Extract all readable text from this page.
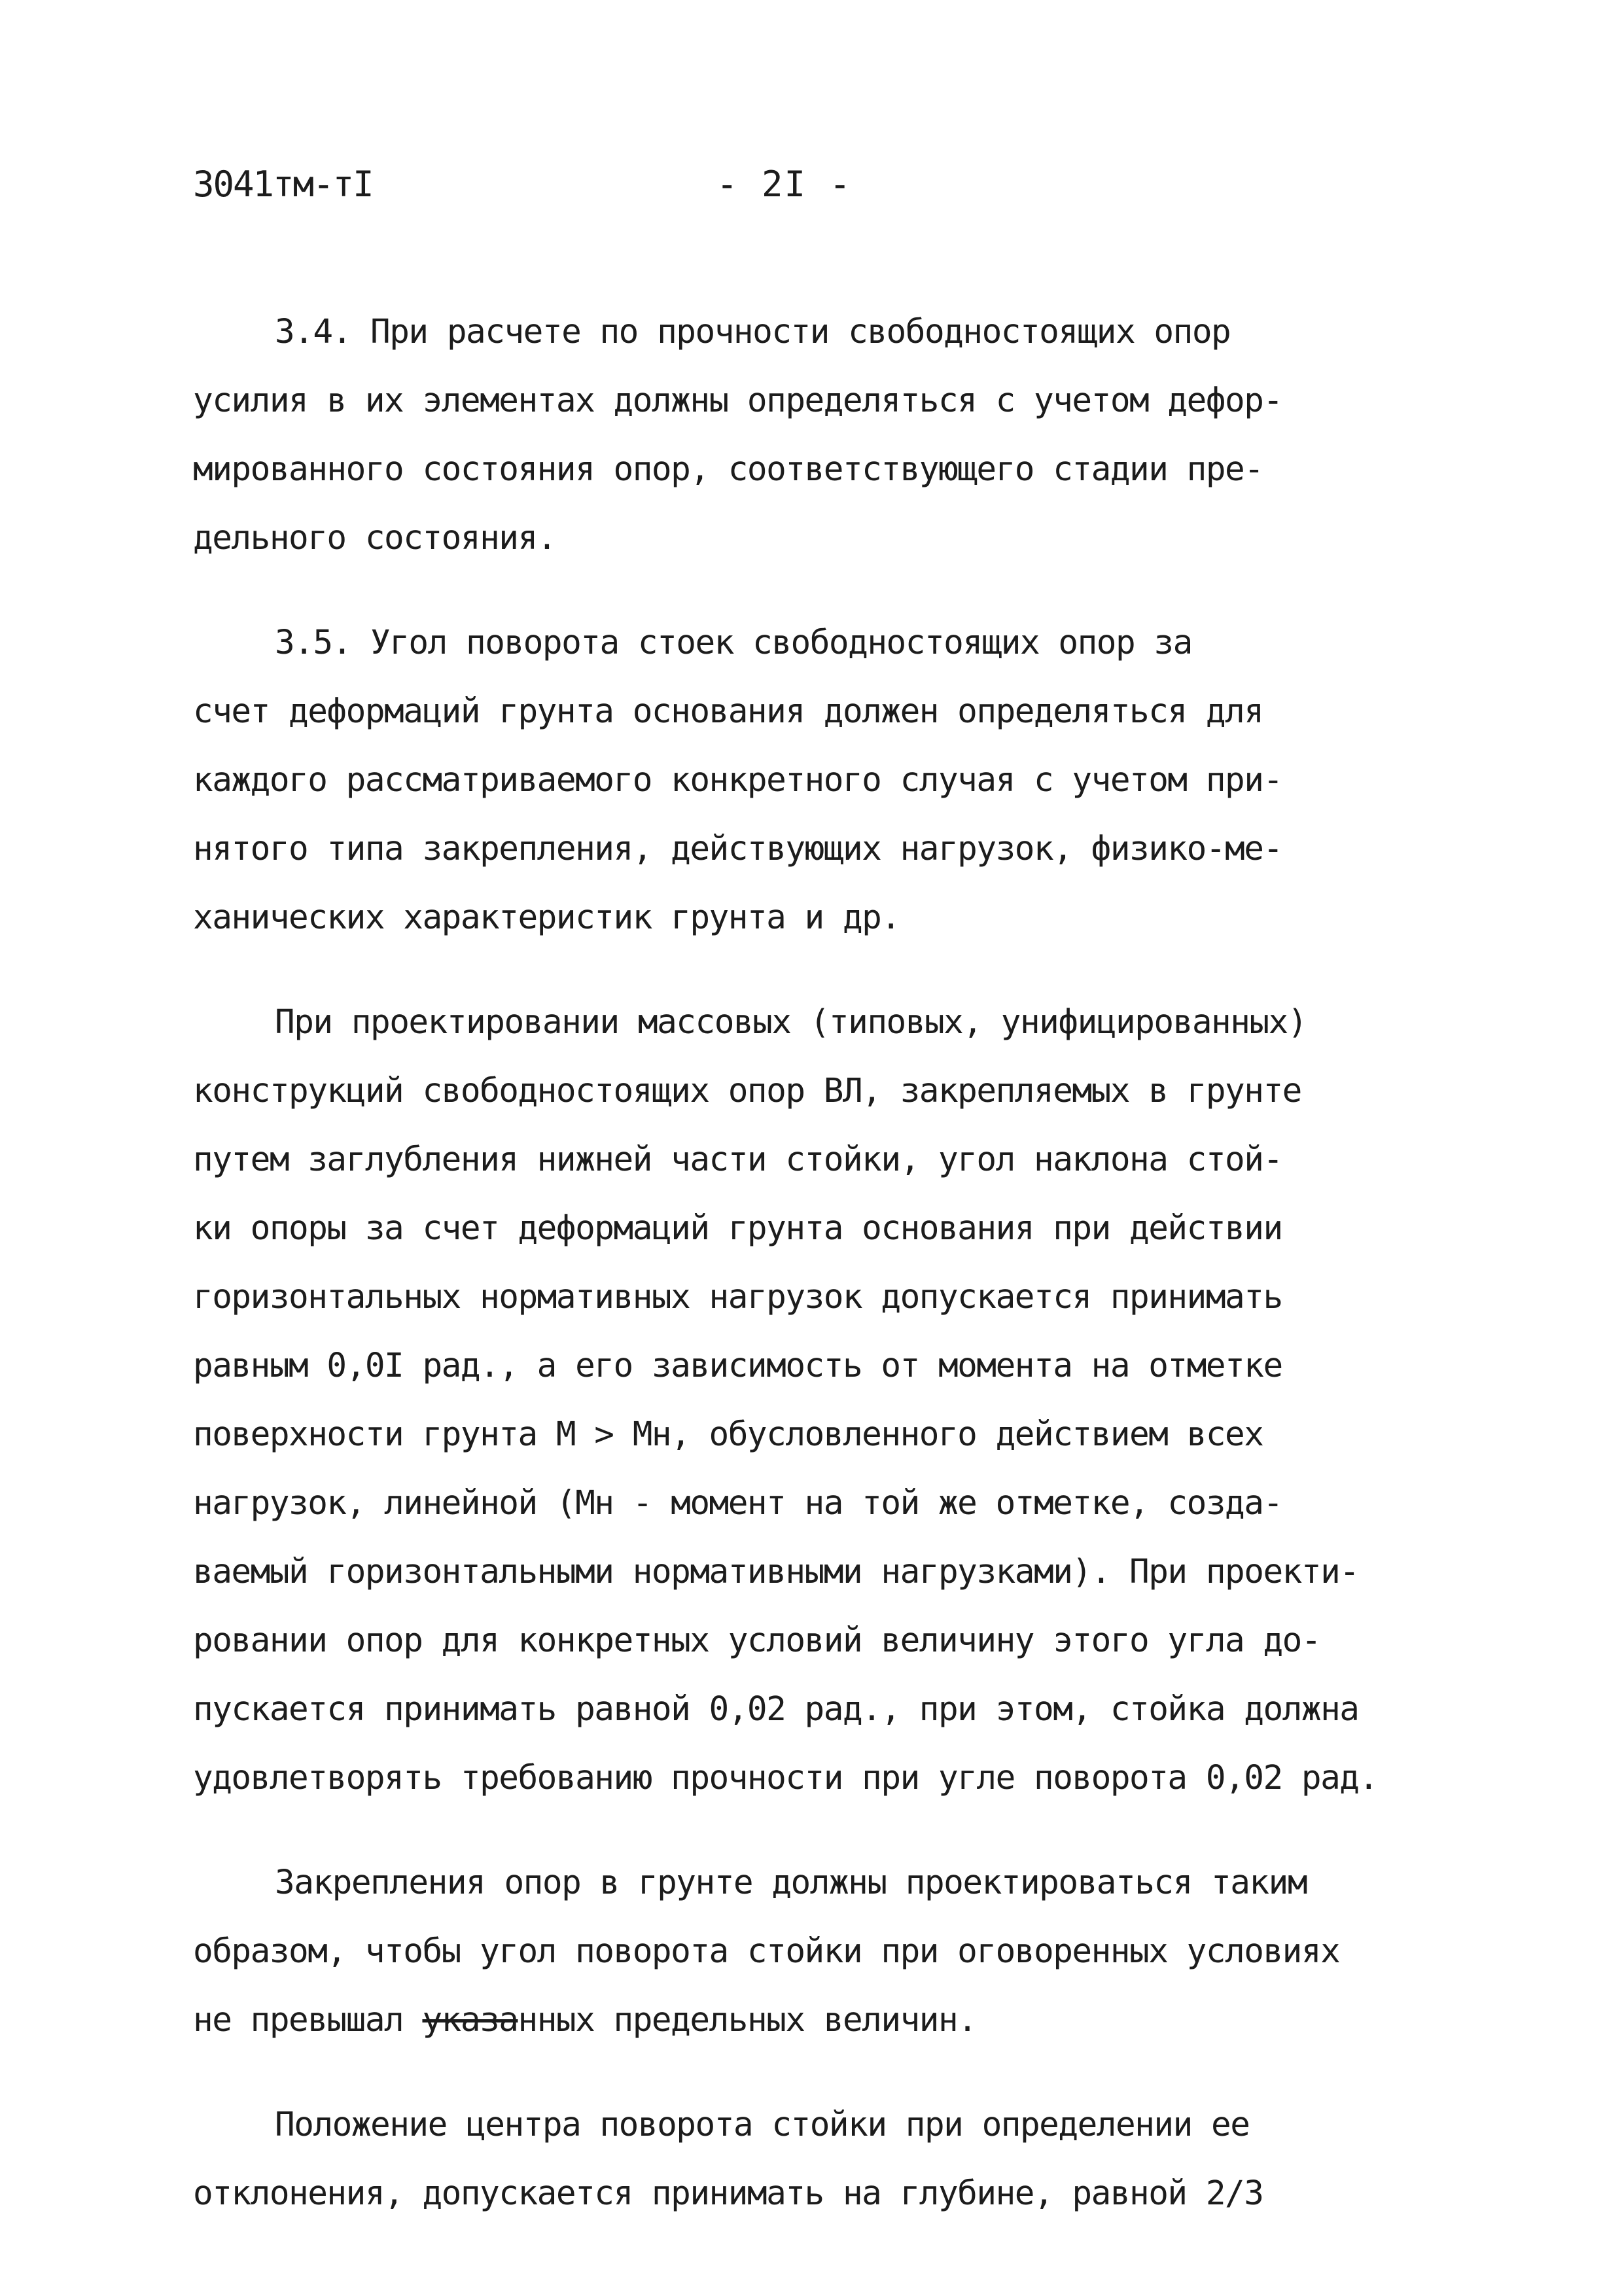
3041тм-тI	- 2I -
3.4. При расчете по прочности свободностоящих опор
усилия в их элементах должны определяться с учетом дефор-
мированного состояния опор, соответствующего стадии пре-
дельного состояния.
3.5. Угол поворота стоек свободностоящих опор за
счет деформаций грунта основания должен определяться для
каждого рассматриваемого конкретного случая с учетом при-
нятого типа закрепления, действующих нагрузок, физико-ме-
ханических характеристик грунта и др.
При проектировании массовых (типовых, унифицированных)
конструкций свободностоящих опор ВЛ, закрепляемых в грунте
путем заглубления нижней части стойки, угол наклона стой-
ки опоры за счет деформаций грунта основания при действии
горизонтальных нормативных нагрузок допускается принимать
равным 0,0I рад., а его зависимость от момента на отметке
поверхности грунта М > Мн, обусловленного действием всех
нагрузок, линейной (Мн - момент на той же отметке, созда-
ваемый горизонтальными нормативными нагрузками). При проекти-
ровании опор для конкретных условий величину этого угла до-
пускается принимать равной 0,02 рад., при этом, стойка должна
удовлетворять требованию прочности при угле поворота 0,02 рад.
Закрепления опор в грунте должны проектироваться таким
образом, чтобы угол поворота стойки при оговоренных условиях
не превышал указанных предельных величин.
Положение центра поворота стойки при определении ее
отклонения, допускается принимать на глубине, равной 2/3
